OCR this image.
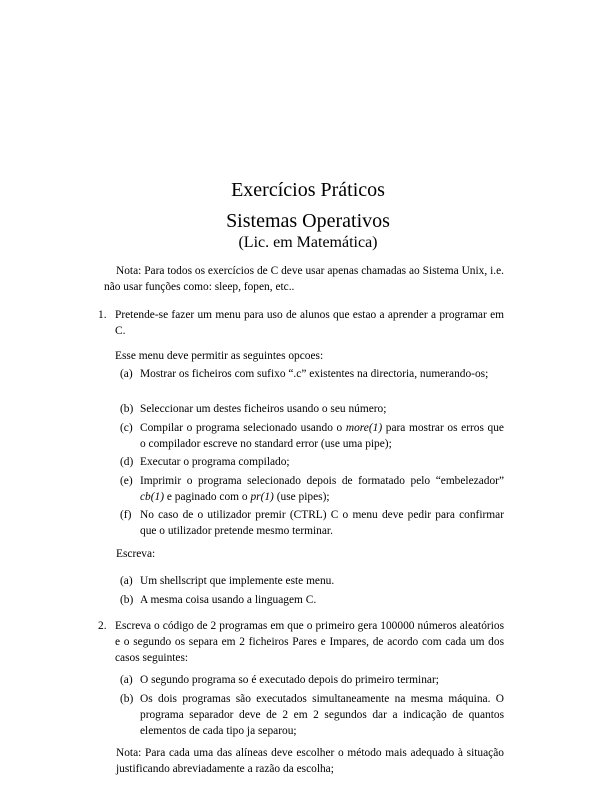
Exercícios Práticos
Sistemas Operativos
(Lic. em Matemática)

Nota: Para todos os exercícios de C deve usar apenas chamadas ao Sistema Unix, i.e. não usar funções como: sleep, fopen, etc..

1. Pretende-se fazer um menu para uso de alunos que estao a aprender a programar em C.

Esse menu deve permitir as seguintes opcoes:

(a) Mostrar os ficheiros com sufixo “.c” existentes na directoria, numerando-os;

(b) Seleccionar um destes ficheiros usando o seu número;

(c) Compilar o programa selecionado usando o more(1) para mostrar os erros que o compilador escreve no standard error (use uma pipe);

(d) Executar o programa compilado;

(e) Imprimir o programa selecionado depois de formatado pelo “embelezador” cb(1) e paginado com o pr(1) (use pipes);

(f) No caso de o utilizador premir (CTRL) C o menu deve pedir para confirmar que o utilizador pretende mesmo terminar.

Escreva:

(a) Um shellscript que implemente este menu.

(b) A mesma coisa usando a linguagem C.

2. Escreva o código de 2 programas em que o primeiro gera 100000 números aleatórios e o segundo os separa em 2 ficheiros Pares e Impares, de acordo com cada um dos casos seguintes:

(a) O segundo programa so é executado depois do primeiro terminar;

(b) Os dois programas são executados simultaneamente na mesma máquina. O programa separador deve de 2 em 2 segundos dar a indicação de quantos elementos de cada tipo ja separou;

Nota: Para cada uma das alíneas deve escolher o método mais adequado à situação justificando abreviadamente a razão da escolha;
